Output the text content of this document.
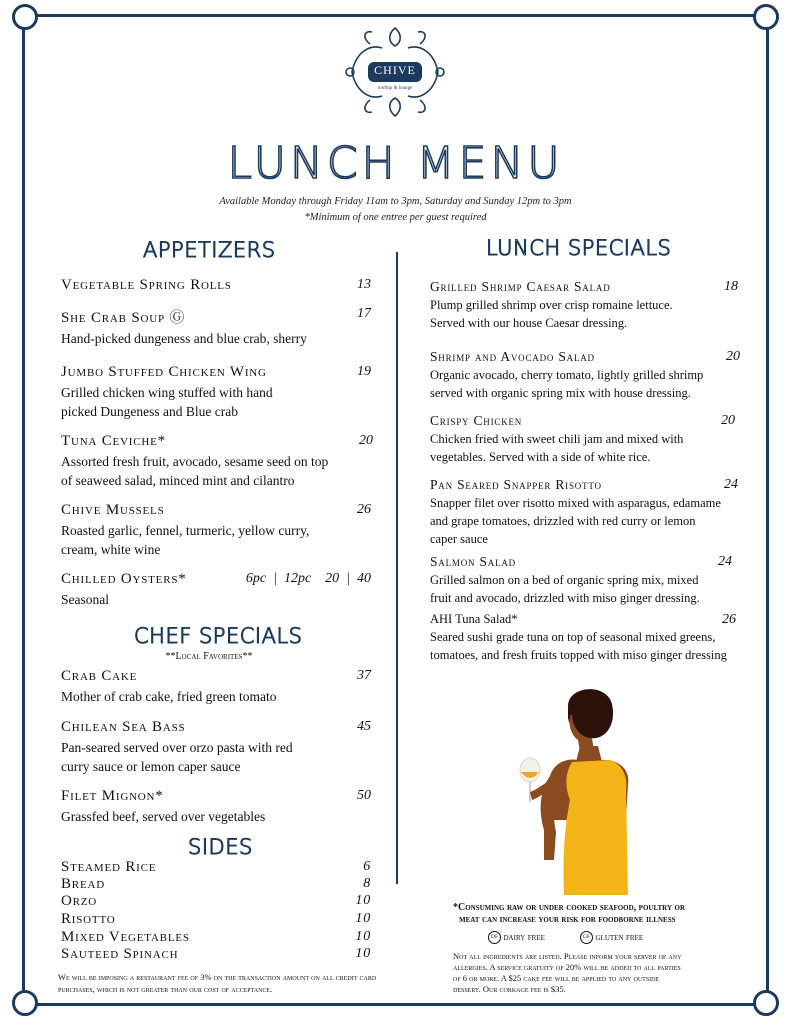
CHIVE
rooftop & lounge
LUNCH MENU
Available Monday through Friday 11am to 3pm, Saturday and Sunday 12pm to 3pm
*Minimum of one entree per guest required
APPETIZERS
Vegetable Spring Rolls	13
She Crab Soup Ⓖ	17
Hand-picked dungeness and blue crab, sherry
Jumbo Stuffed Chicken Wing	19
Grilled chicken wing stuffed with hand
picked Dungeness and Blue crab
Tuna Ceviche*	20
Assorted fresh fruit, avocado, sesame seed on top
of seaweed salad, minced mint and cilantro
Chive Mussels	26
Roasted garlic, fennel, turmeric, yellow curry,
cream, white wine
Chilled Oysters*	6pc  |  12pc    20  |  40
Seasonal
CHEF SPECIALS
**Local Favorites**
Crab Cake	37
Mother of crab cake, fried green tomato
Chilean Sea Bass	45
Pan-seared served over orzo pasta with red
curry sauce or lemon caper sauce
Filet Mignon*	50
Grassfed beef, served over vegetables
SIDES
Steamed Rice	6
Bread	8
Orzo	10
Risotto	10
Mixed Vegetables	10
Sauteed Spinach	10
We will be imposing a restaurant fee of 3% on the transaction amount on all credit card purchases, which is not greater than our cost of acceptance.
LUNCH SPECIALS
Grilled Shrimp Caesar Salad	18
Plump grilled shrimp over crisp romaine lettuce.
Served with our house Caesar dressing.
Shrimp and Avocado Salad	20
Organic avocado, cherry tomato, lightly grilled shrimp
served with organic spring mix with house dressing.
Crispy Chicken	20
Chicken fried with sweet chili jam and mixed with
vegetables. Served with a side of white rice.
Pan Seared Snapper Risotto	24
Snapper filet over risotto mixed with asparagus, edamame
and grape tomatoes, drizzled with red curry or lemon
caper sauce
Salmon Salad	24
Grilled salmon on a bed of organic spring mix, mixed
fruit and avocado, drizzled with miso ginger dressing.
AHI Tuna Salad*	26
Seared sushi grade tuna on top of seasonal mixed greens,
tomatoes, and fresh fruits topped with miso ginger dressing
*Consuming raw or under cooked seafood, poultry or
meat can increase your risk for foodborne illness
DF dairy free	GF gluten free
Not all ingredients are listed. Please inform your server of any
allergies. A service gratuity of 20% will be added to all parties
of 6 or more. A $25 cake fee will be applied to any outside
dessert. Our corkage fee is $35.
